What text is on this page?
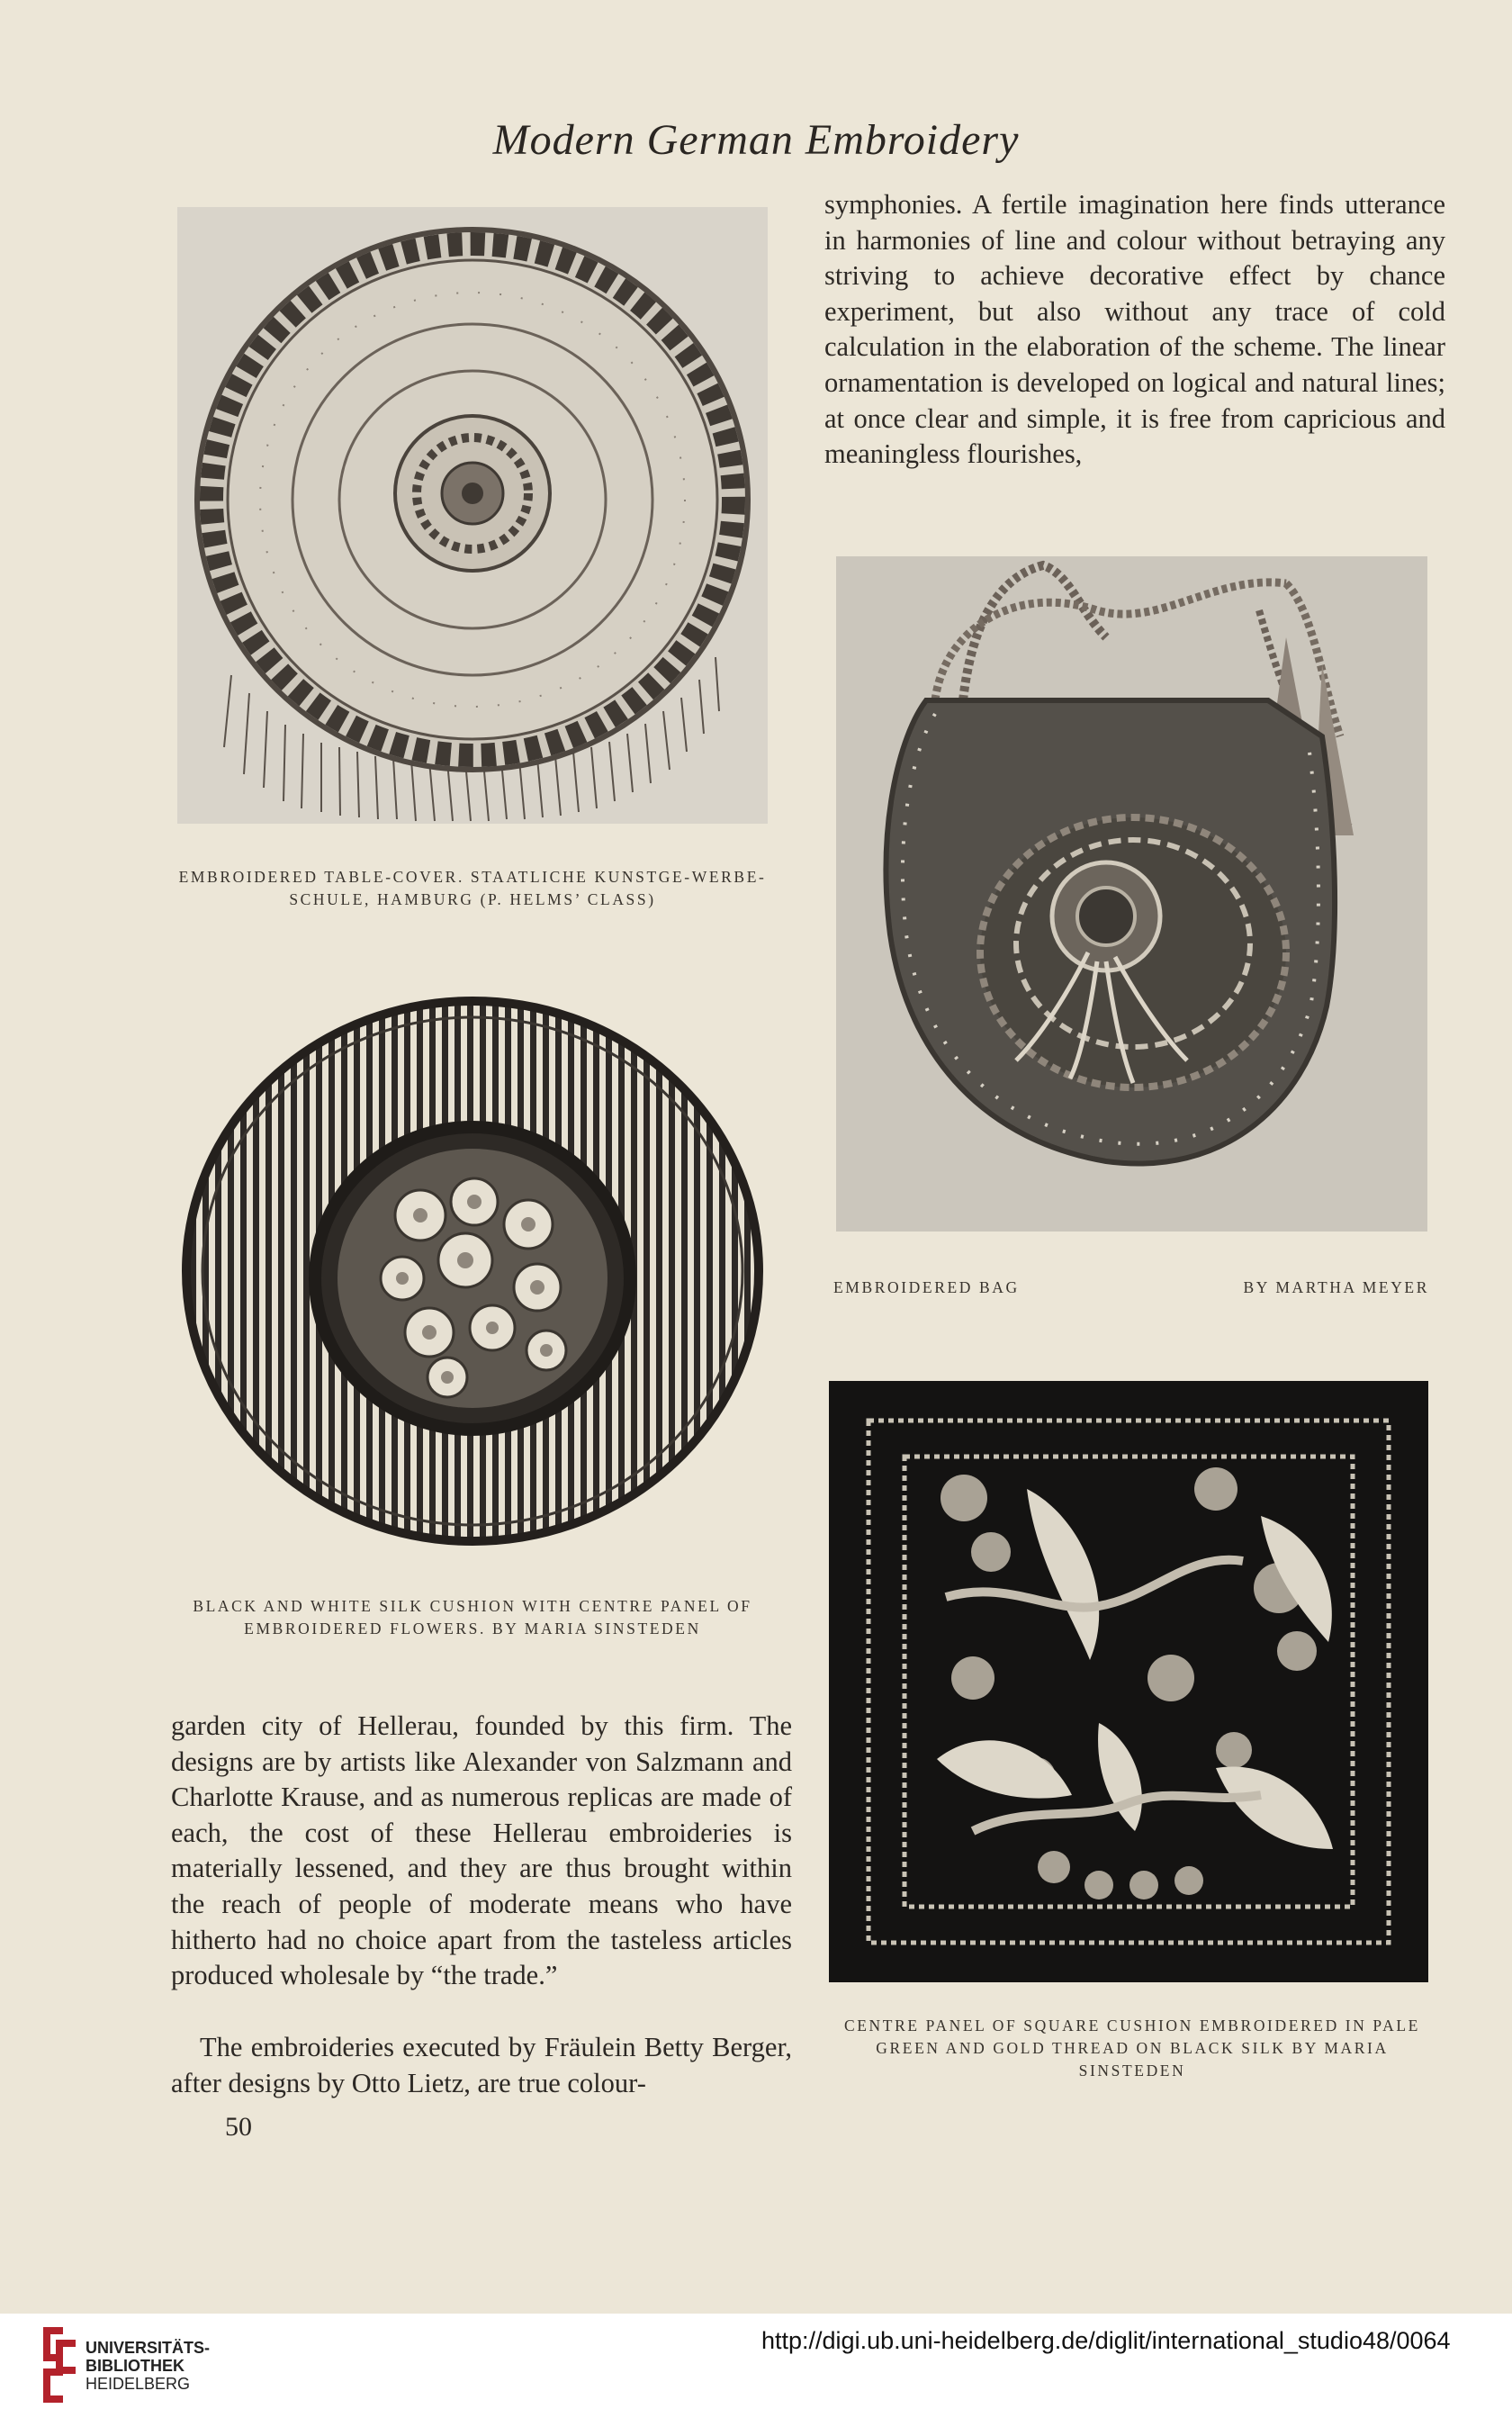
Modern German Embroidery

EMBROIDERED TABLE-COVER. STAATLICHE KUNSTGE-WERBE-SCHULE, HAMBURG (P. HELMS’ CLASS)

symphonies. A fertile imagination here finds utterance in harmonies of line and colour without betraying any striving to achieve decorative effect by chance experiment, but also without any trace of cold calculation in the elaboration of the scheme. The linear ornamentation is developed on logical and natural lines; at once clear and simple, it is free from capricious and meaningless flourishes,

EMBROIDERED BAG	BY MARTHA MEYER

BLACK AND WHITE SILK CUSHION WITH CENTRE PANEL OF EMBROIDERED FLOWERS. BY MARIA SINSTEDEN

garden city of Hellerau, founded by this firm. The designs are by artists like Alexander von Salzmann and Charlotte Krause, and as numerous replicas are made of each, the cost of these Hellerau embroideries is materially lessened, and they are thus brought within the reach of people of moderate means who have hitherto had no choice apart from the tasteless articles produced wholesale by “the trade.”

The embroideries executed by Fräulein Betty Berger, after designs by Otto Lietz, are true colour-

CENTRE PANEL OF SQUARE CUSHION EMBROIDERED IN PALE GREEN AND GOLD THREAD ON BLACK SILK BY MARIA SINSTEDEN

50

UNIVERSITÄTS-
BIBLIOTHEK
HEIDELBERG

http://digi.ub.uni-heidelberg.de/diglit/international_studio48/0064
